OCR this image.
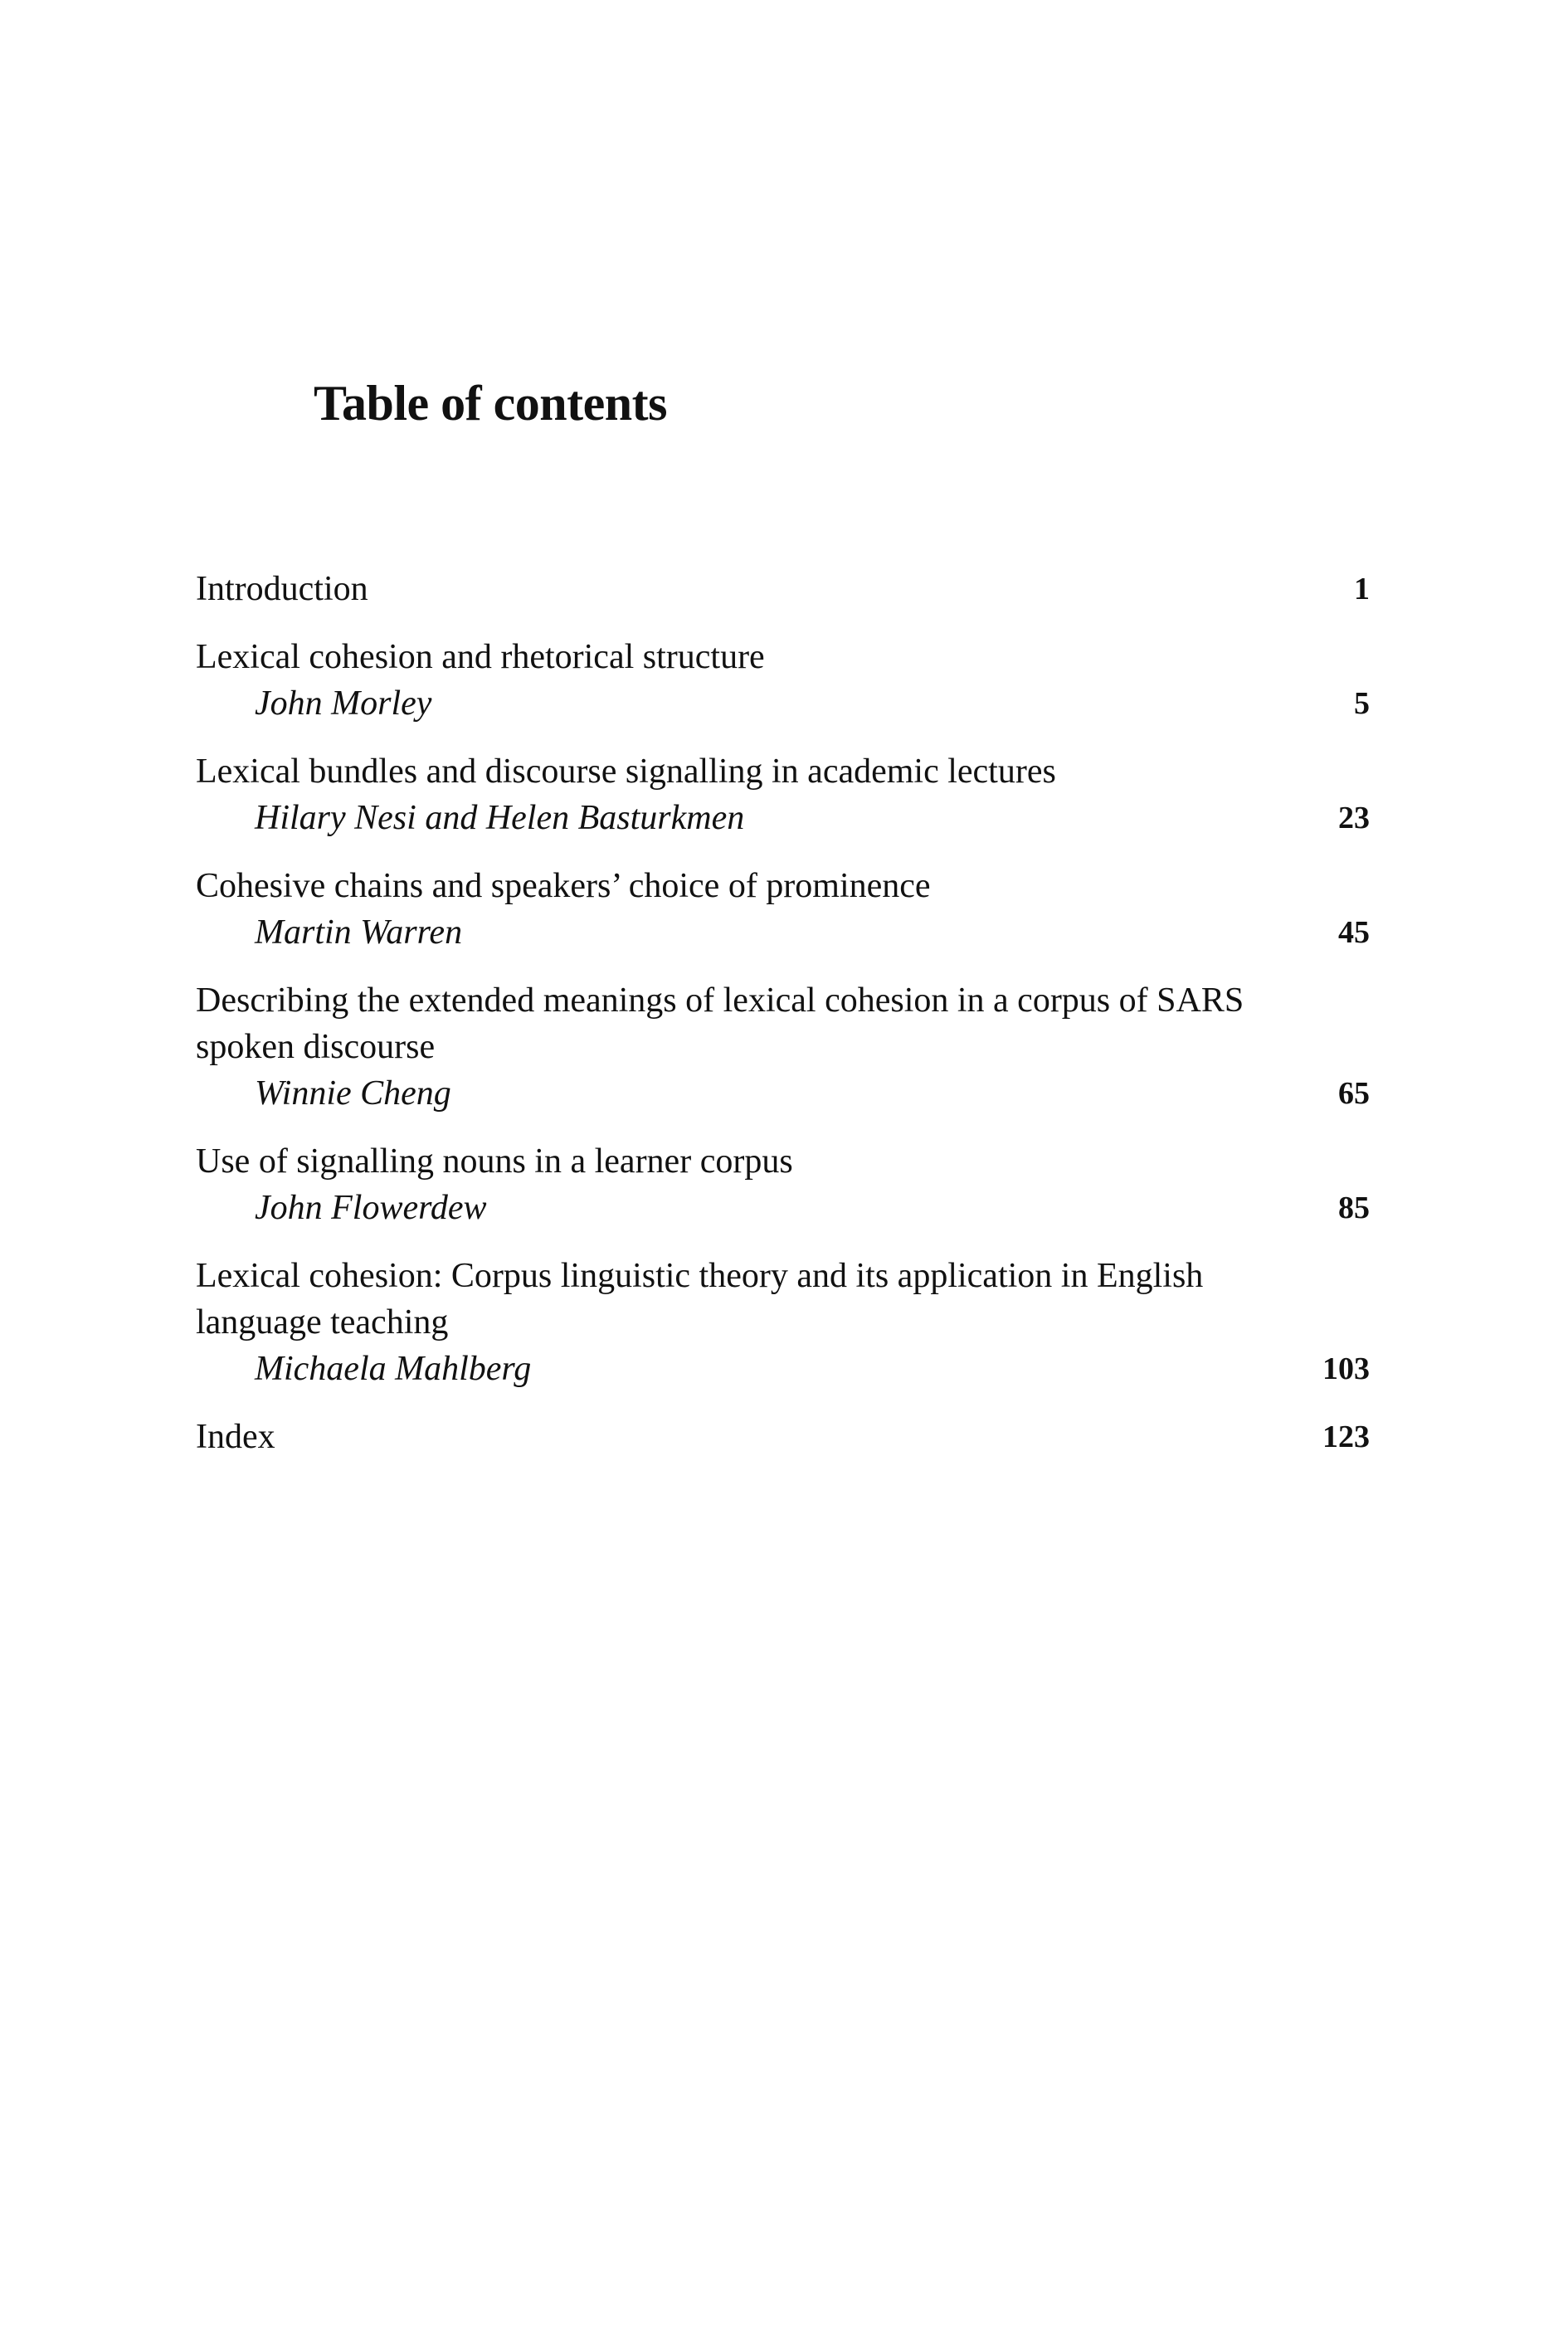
Table of contents
Introduction	1
Lexical cohesion and rhetorical structure
John Morley	5
Lexical bundles and discourse signalling in academic lectures
Hilary Nesi and Helen Basturkmen	23
Cohesive chains and speakers’ choice of prominence
Martin Warren	45
Describing the extended meanings of lexical cohesion in a corpus of SARS spoken discourse
Winnie Cheng	65
Use of signalling nouns in a learner corpus
John Flowerdew	85
Lexical cohesion: Corpus linguistic theory and its application in English language teaching
Michaela Mahlberg	103
Index	123
